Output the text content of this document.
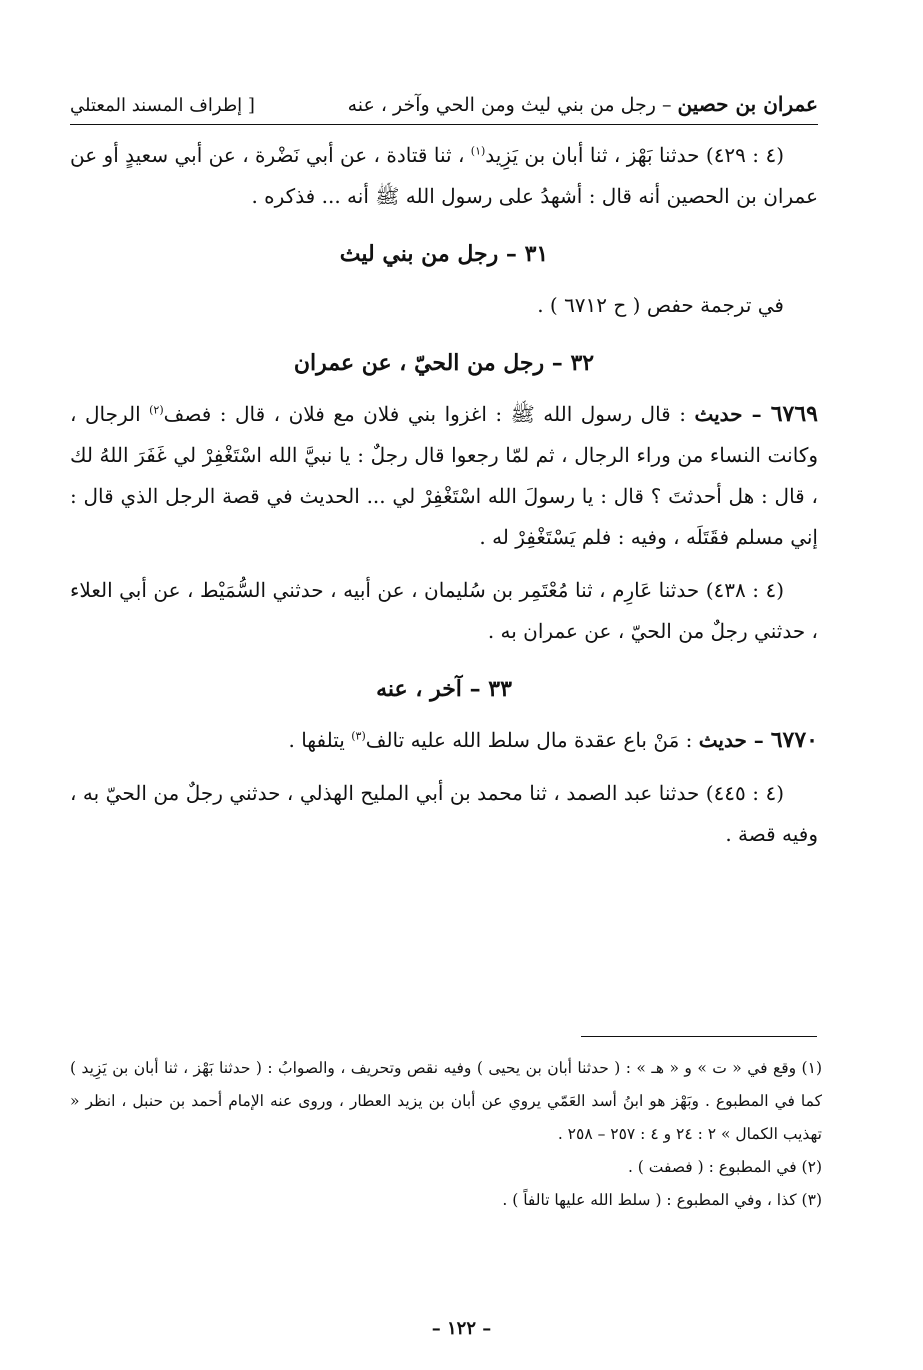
عمران بن حصين – رجل من بني ليث ومن الحي وآخر ، عنه
[ إطراف المسند المعتلي

(٤ : ٤٢٩) حدثنا بَهْز ، ثنا أبان بن يَزِيد$^{(١)}$ ، ثنا قتادة ، عن أبي نَضْرة ، عن أبي سعيدٍ أو عن عمران بن الحصين أنه قال : أشهدُ على رسول الله ﷺ أنه ... فذكره .

٣١ – رجل من بني ليث

في ترجمة حفص ( ح ٦٧١٢ ) .

٣٢ – رجل من الحيّ ، عن عمران

٦٧٦٩ – حديث : قال رسول الله ﷺ : اغزوا بني فلان مع فلان ، قال : فصف$^{(٢)}$ الرجال ، وكانت النساء من وراء الرجال ، ثم لمّا رجعوا قال رجلٌ : يا نبيَّ الله اسْتَغْفِرْ لي غَفَرَ اللهُ لك ، قال : هل أحدثتَ ؟ قال : يا رسولَ الله اسْتَغْفِرْ لي ... الحديث في قصة الرجل الذي قال : إني مسلم فقَتَلَه ، وفيه : فلم يَسْتَغْفِرْ له .

(٤ : ٤٣٨) حدثنا عَارِم ، ثنا مُعْتَمِر بن سُليمان ، عن أبيه ، حدثني السُّمَيْط ، عن أبي العلاء ، حدثني رجلٌ من الحيّ ، عن عمران به .

٣٣ – آخر ، عنه

٦٧٧٠ – حديث : مَنْ باع عقدة مال سلط الله عليه تالف$^{(٣)}$ يتلفها .

(٤ : ٤٤٥) حدثنا عبد الصمد ، ثنا محمد بن أبي المليح الهذلي ، حدثني رجلٌ من الحيّ به ، وفيه قصة .

(١) وقع في « ت » و « هـ » : ( حدثنا أبان بن يحيى ) وفيه نقص وتحريف ، والصوابُ : ( حدثنا بَهْز ، ثنا أبان بن يَزِيد ) كما في المطبوع . وبَهْز هو ابنُ أسد العَمّي يروي عن أبان بن يزيد العطار ، وروى عنه الإمام أحمد بن حنبل ، انظر « تهذيب الكمال » ٢ : ٢٤ و ٤ : ٢٥٧ – ٢٥٨ .

(٢) في المطبوع : ( فصفت ) .

(٣) كذا ، وفي المطبوع : ( سلط الله عليها تالفاً ) .

– ١٢٢ –
